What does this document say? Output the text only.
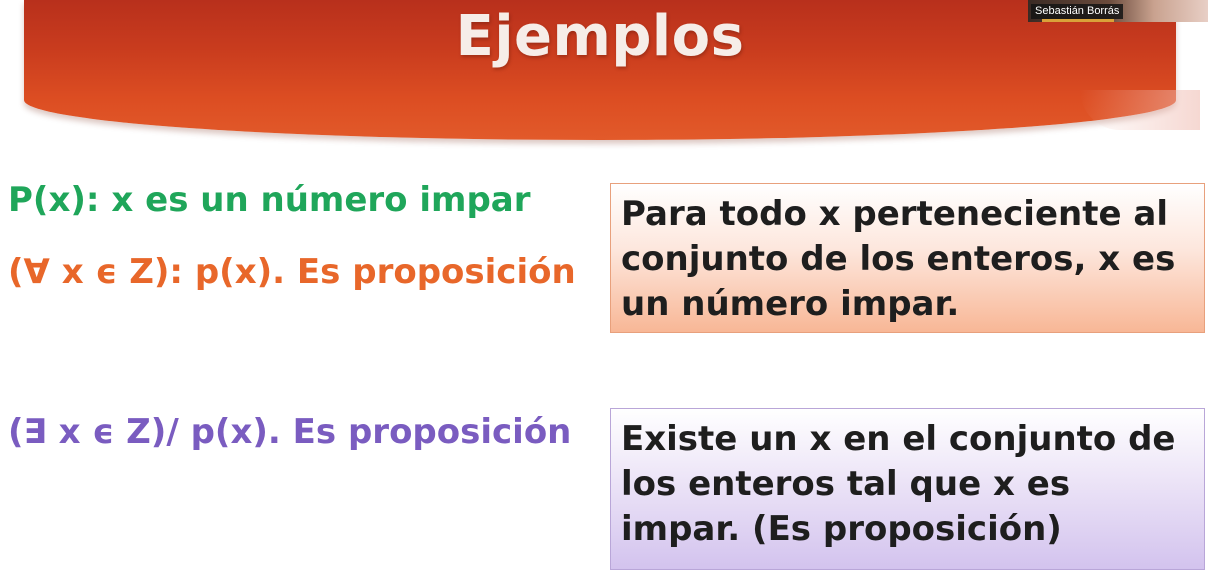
Ejemplos	Sebastián Borrás
P(x): x es un número impar
(∀ x ϵ Z): p(x). Es proposición
(∃ x ϵ Z)/ p(x). Es proposición
Para todo x perteneciente al conjunto de los enteros, x es un número impar.
Existe un x en el conjunto de los enteros tal que x es impar. (Es proposición)
